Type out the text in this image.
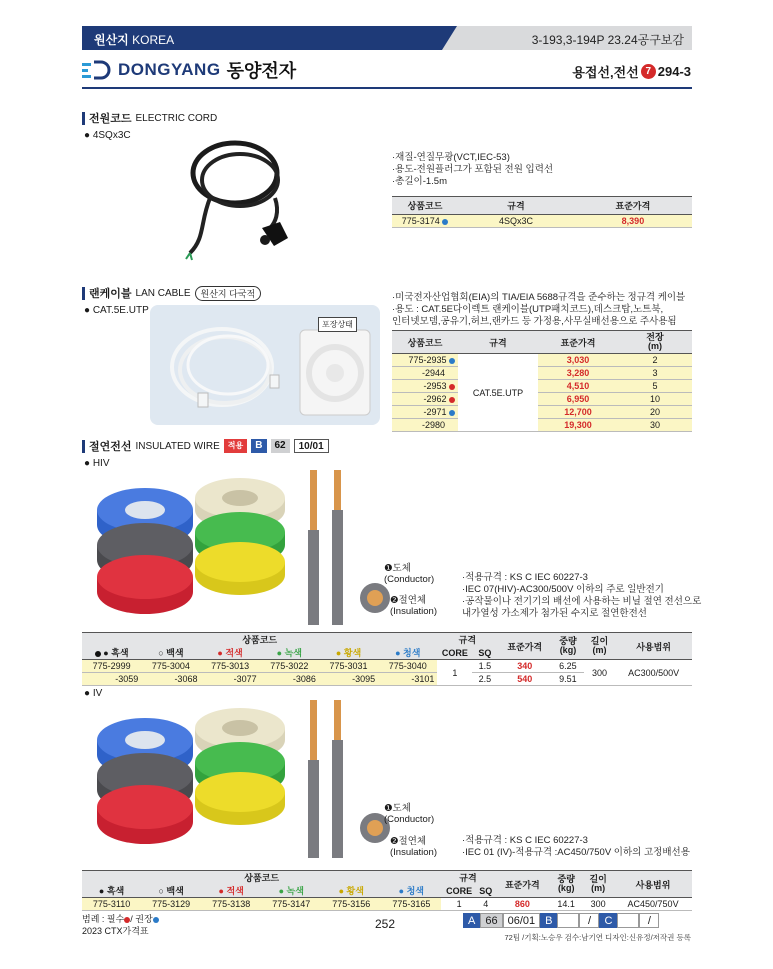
원산지 KOREA	3-193,3-194P 23.24공구보감
DONGYANG 동양전자	용접선,전선 7 294-3
전원코드 ELECTRIC CORD
● 4SQx3C
·재질-연질무광(VCT,IEC-53)
·용도-전원플러그가 포함된 전원 입력선
·총길이-1.5m
상품코드	규격	표준가격
775-3174	4SQx3C	8,390
랜케이블 LAN CABLE	원산지 다국적
● CAT.5E.UTP
포장상태
·미국전자산업협회(EIA)의 TIA/EIA 5688규격을 준수하는 정규격 케이블
·용도 : CAT.5E다이렉트 랜케이블(UTP패치코드),데스크탑,노트북,
인터넷모뎀,공유기,허브,랜카드 등 가정용,사무실배선용으로 주사용됨
상품코드	규격	표준가격	전장
(m)
775-2935	CAT.5E.UTP	3,030	2
-2944		3,280	3
-2953		4,510	5
-2962		6,950	10
-2971		12,700	20
-2980		19,300	30
절연전선 INSULATED WIRE	적용	B	62	10/01
● HIV
❶도체
(Conductor)
❷절연체
(Insulation)
·적용규격 : KS C IEC 60227-3
·IEC 07(HIV)-AC300/500V 이하의 주로 일반전기
·공작물이나 전기기의 배선에 사용하는 비닐 절연 전선으로
내가열성 가소제가 첨가된 수지로 절연한전선
상품코드						규격		표준가격	중량
(kg)	길이
(m)	사용범위
● 흑색	○ 백색	● 적색	● 녹색	● 황색	● 청색	CORE	SQ				
775-2999	775-3004	775-3013	775-3022	775-3031	775-3040	1	1.5	340	6.25	300	AC300/500V
-3059	-3068	-3077	-3086	-3095	-3101		2.5	540	9.51		
● IV
❶도체
(Conductor)
❷절연체
(Insulation)
·적용규격 : KS C IEC 60227-3
·IEC 01 (IV)-적용규격 :AC450/750V 이하의 고정배선용
상품코드						규격		표준가격	중량
(kg)	길이
(m)	사용범위
● 흑색	○ 백색	● 적색	● 녹색	● 황색	● 청색	CORE	SQ				
775-3110	775-3129	775-3138	775-3147	775-3156	775-3165	1	4	860	14.1	300	AC450/750V
범례 : 필수 / 권장
2023 CTX가격표	252	A 66 06/01 B	/	C	/
72팀 /기획:노승우 검수:남기연 디자인:신유정/저작권 등록
